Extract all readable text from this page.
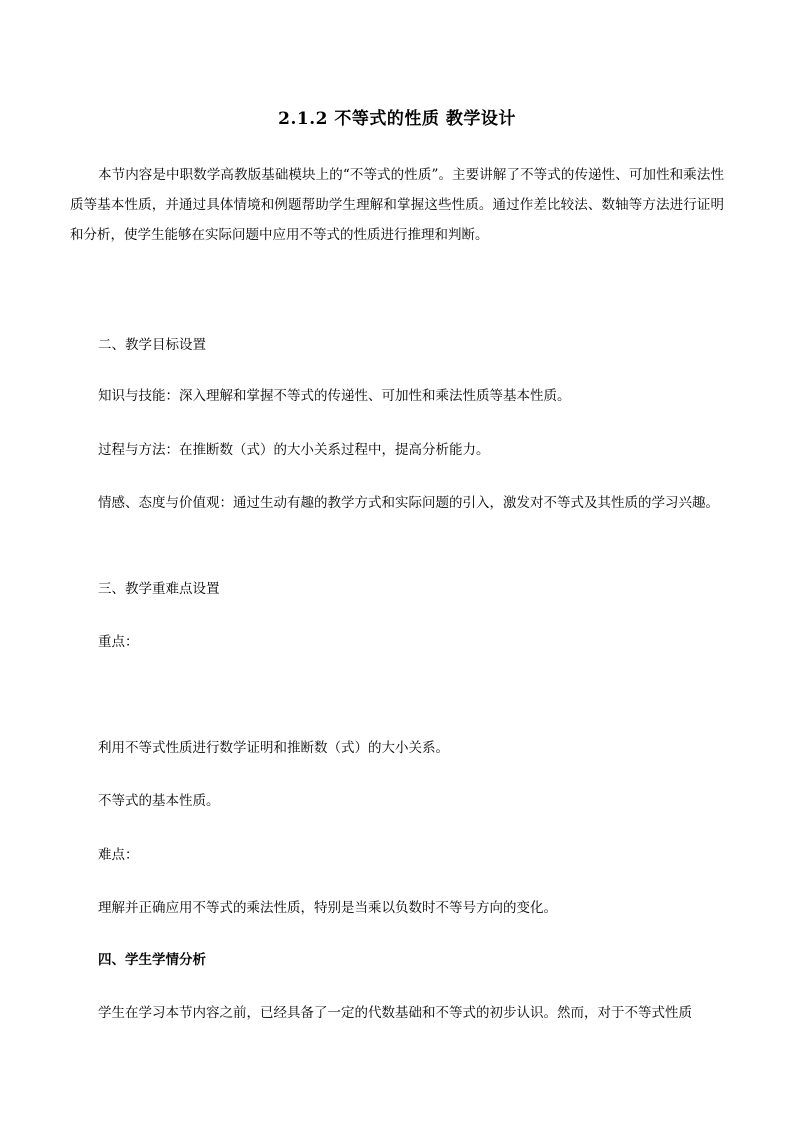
2.1.2 不等式的性质 教学设计
本节内容是中职数学高教版基础模块上的“不等式的性质”。主要讲解了不等式的传递性、可加性和乘法性质等基本性质，并通过具体情境和例题帮助学生理解和掌握这些性质。通过作差比较法、数轴等方法进行证明和分析，使学生能够在实际问题中应用不等式的性质进行推理和判断。
二、教学目标设置
知识与技能：深入理解和掌握不等式的传递性、可加性和乘法性质等基本性质。
过程与方法：在推断数（式）的大小关系过程中，提高分析能力。
情感、态度与价值观：通过生动有趣的教学方式和实际问题的引入，激发对不等式及其性质的学习兴趣。
三、教学重难点设置
重点：
利用不等式性质进行数学证明和推断数（式）的大小关系。
不等式的基本性质。
难点：
理解并正确应用不等式的乘法性质，特别是当乘以负数时不等号方向的变化。
四、学生学情分析
学生在学习本节内容之前，已经具备了一定的代数基础和不等式的初步认识。然而，对于不等式性质
